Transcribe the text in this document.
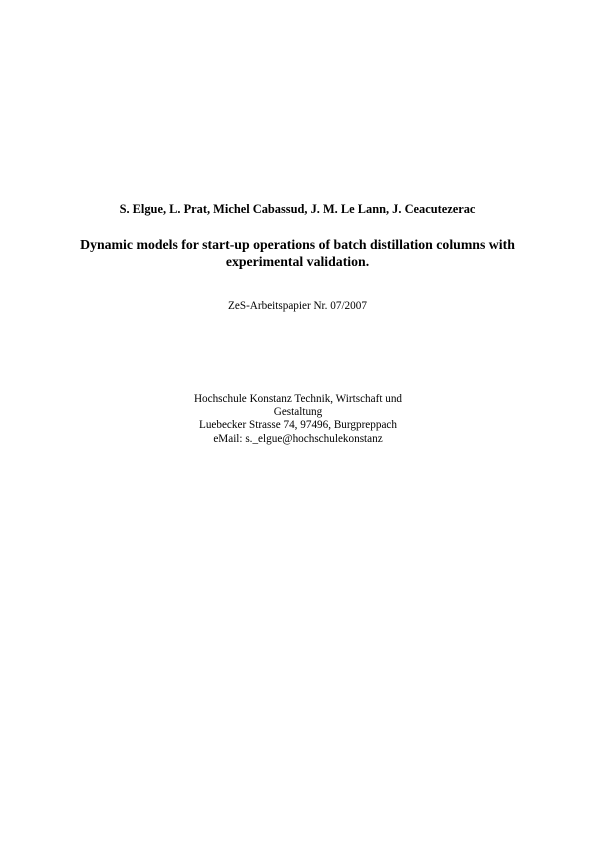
S. Elgue, L. Prat, Michel Cabassud, J. M. Le Lann, J. Ceacutezerac
Dynamic models for start-up operations of batch distillation columns with
experimental validation.
ZeS-Arbeitspapier Nr. 07/2007
Hochschule Konstanz Technik, Wirtschaft und
Gestaltung
Luebecker Strasse 74, 97496, Burgpreppach
eMail: s._elgue@hochschulekonstanz
